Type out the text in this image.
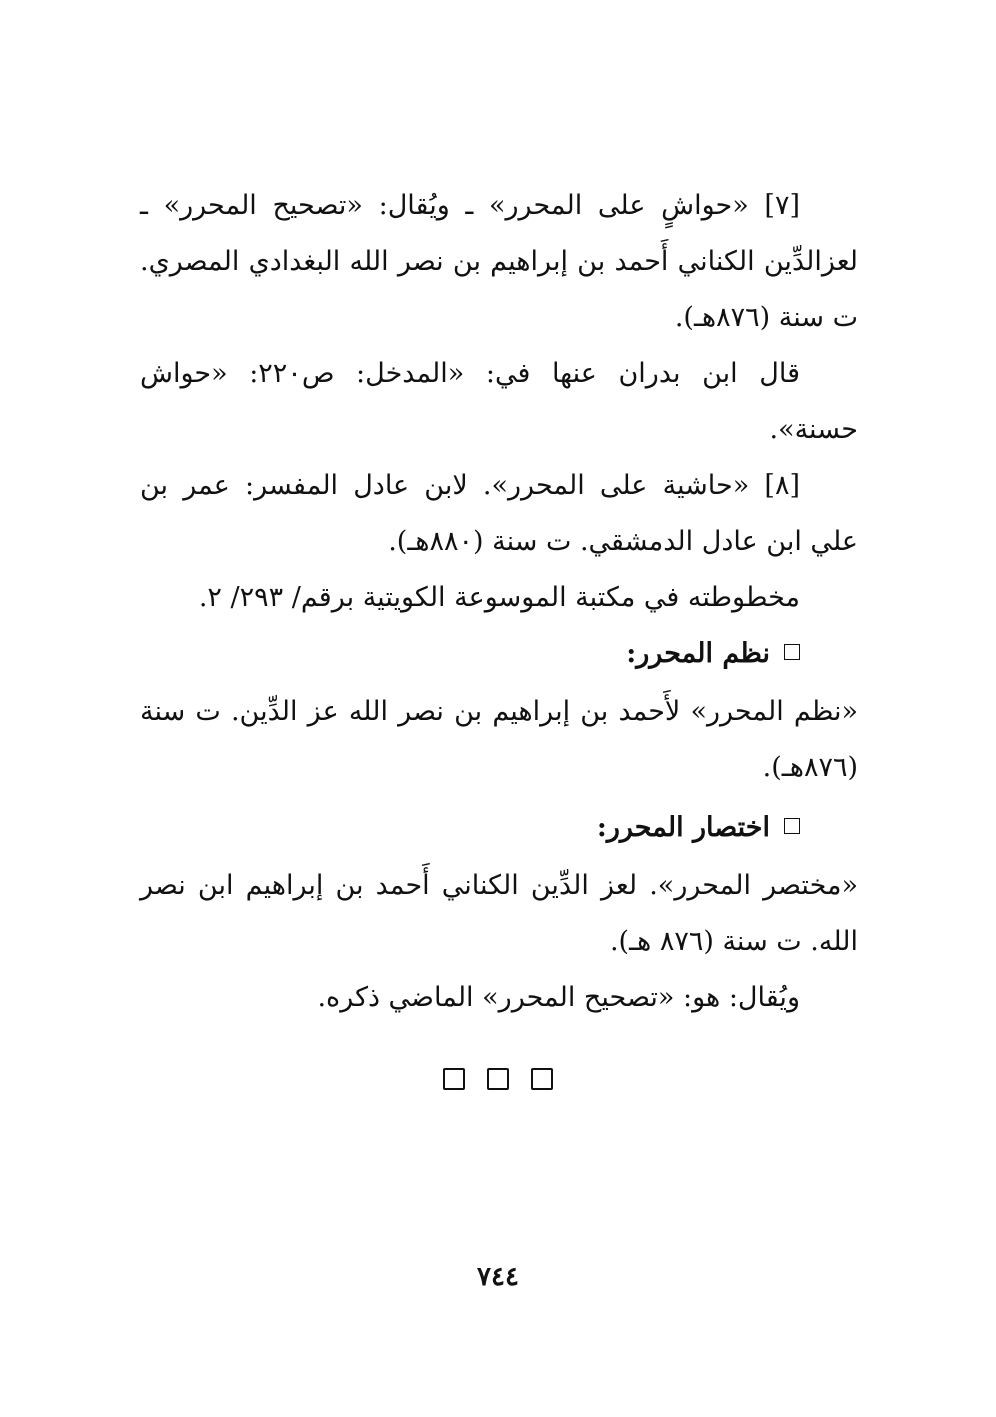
[٧] «حواشٍ على المحرر» ـ ويُقال: «تصحيح المحرر» ـ لعزالدِّين الكناني أَحمد بن إبراهيم بن نصر الله البغدادي المصري. ت سنة (٨٧٦هـ).

قال ابن بدران عنها في: «المدخل: ص٢٢٠: «حواش حسنة».

[٨] «حاشية على المحرر». لابن عادل المفسر: عمر بن علي ابن عادل الدمشقي. ت سنة (٨٨٠هـ).

مخطوطته في مكتبة الموسوعة الكويتية برقم/ ٢٩٣/ ٢.

نظم المحرر:

«نظم المحرر» لأَحمد بن إبراهيم بن نصر الله عز الدِّين. ت سنة (٨٧٦هـ).

اختصار المحرر:

«مختصر المحرر». لعز الدِّين الكناني أَحمد بن إبراهيم ابن نصر الله. ت سنة (٨٧٦ هـ).

ويُقال: هو: «تصحيح المحرر» الماضي ذكره.

٧٤٤
